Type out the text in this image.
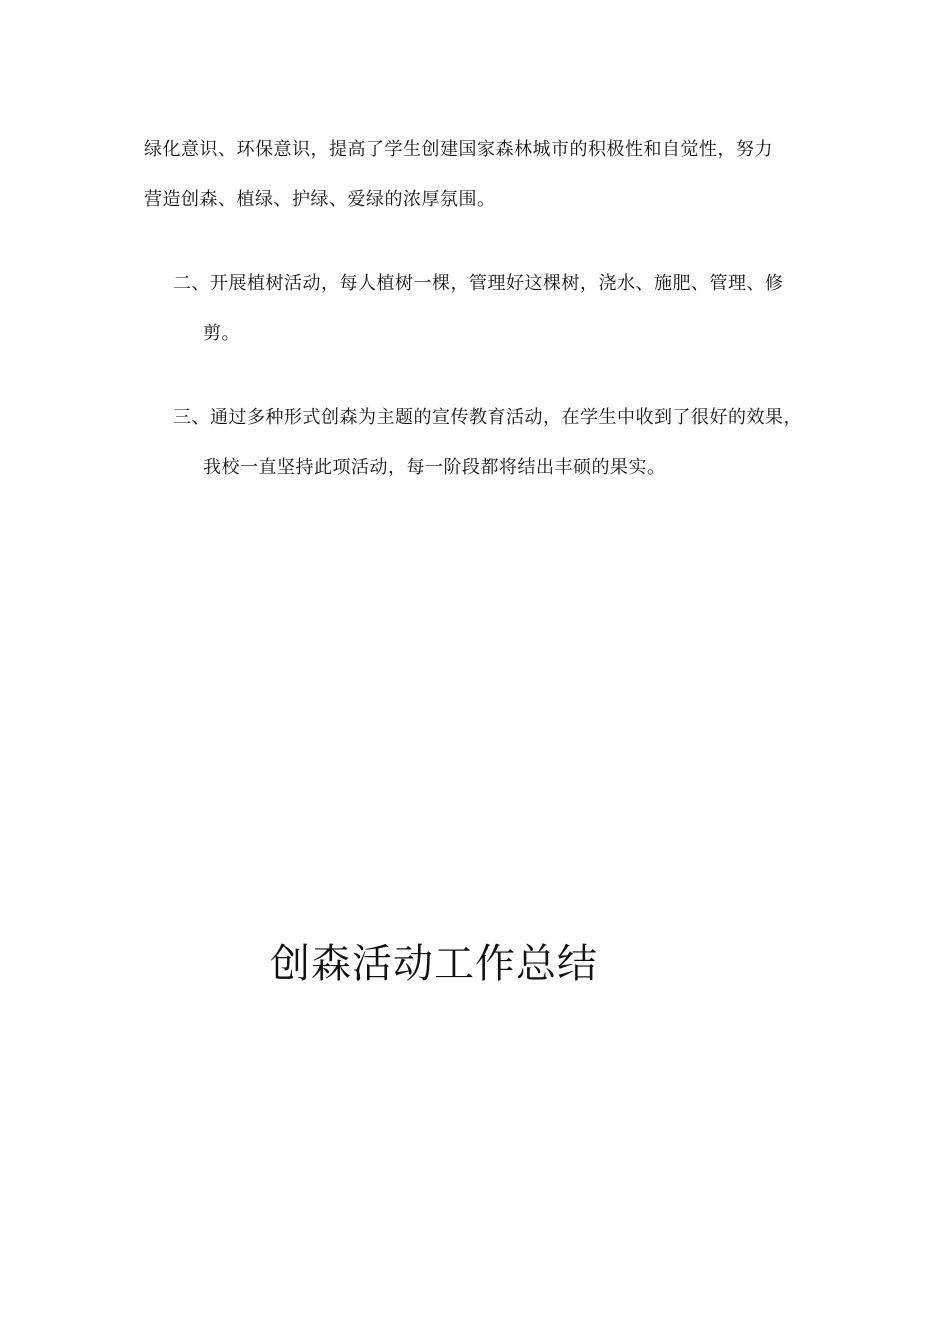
绿化意识、环保意识，提高了学生创建国家森林城市的积极性和自觉性，努力
营造创森、植绿、护绿、爱绿的浓厚氛围。
二、开展植树活动，每人植树一棵，管理好这棵树，浇水、施肥、管理、修
剪。
三、通过多种形式创森为主题的宣传教育活动，在学生中收到了很好的效果，
我校一直坚持此项活动，每一阶段都将结出丰硕的果实。
创森活动工作总结
